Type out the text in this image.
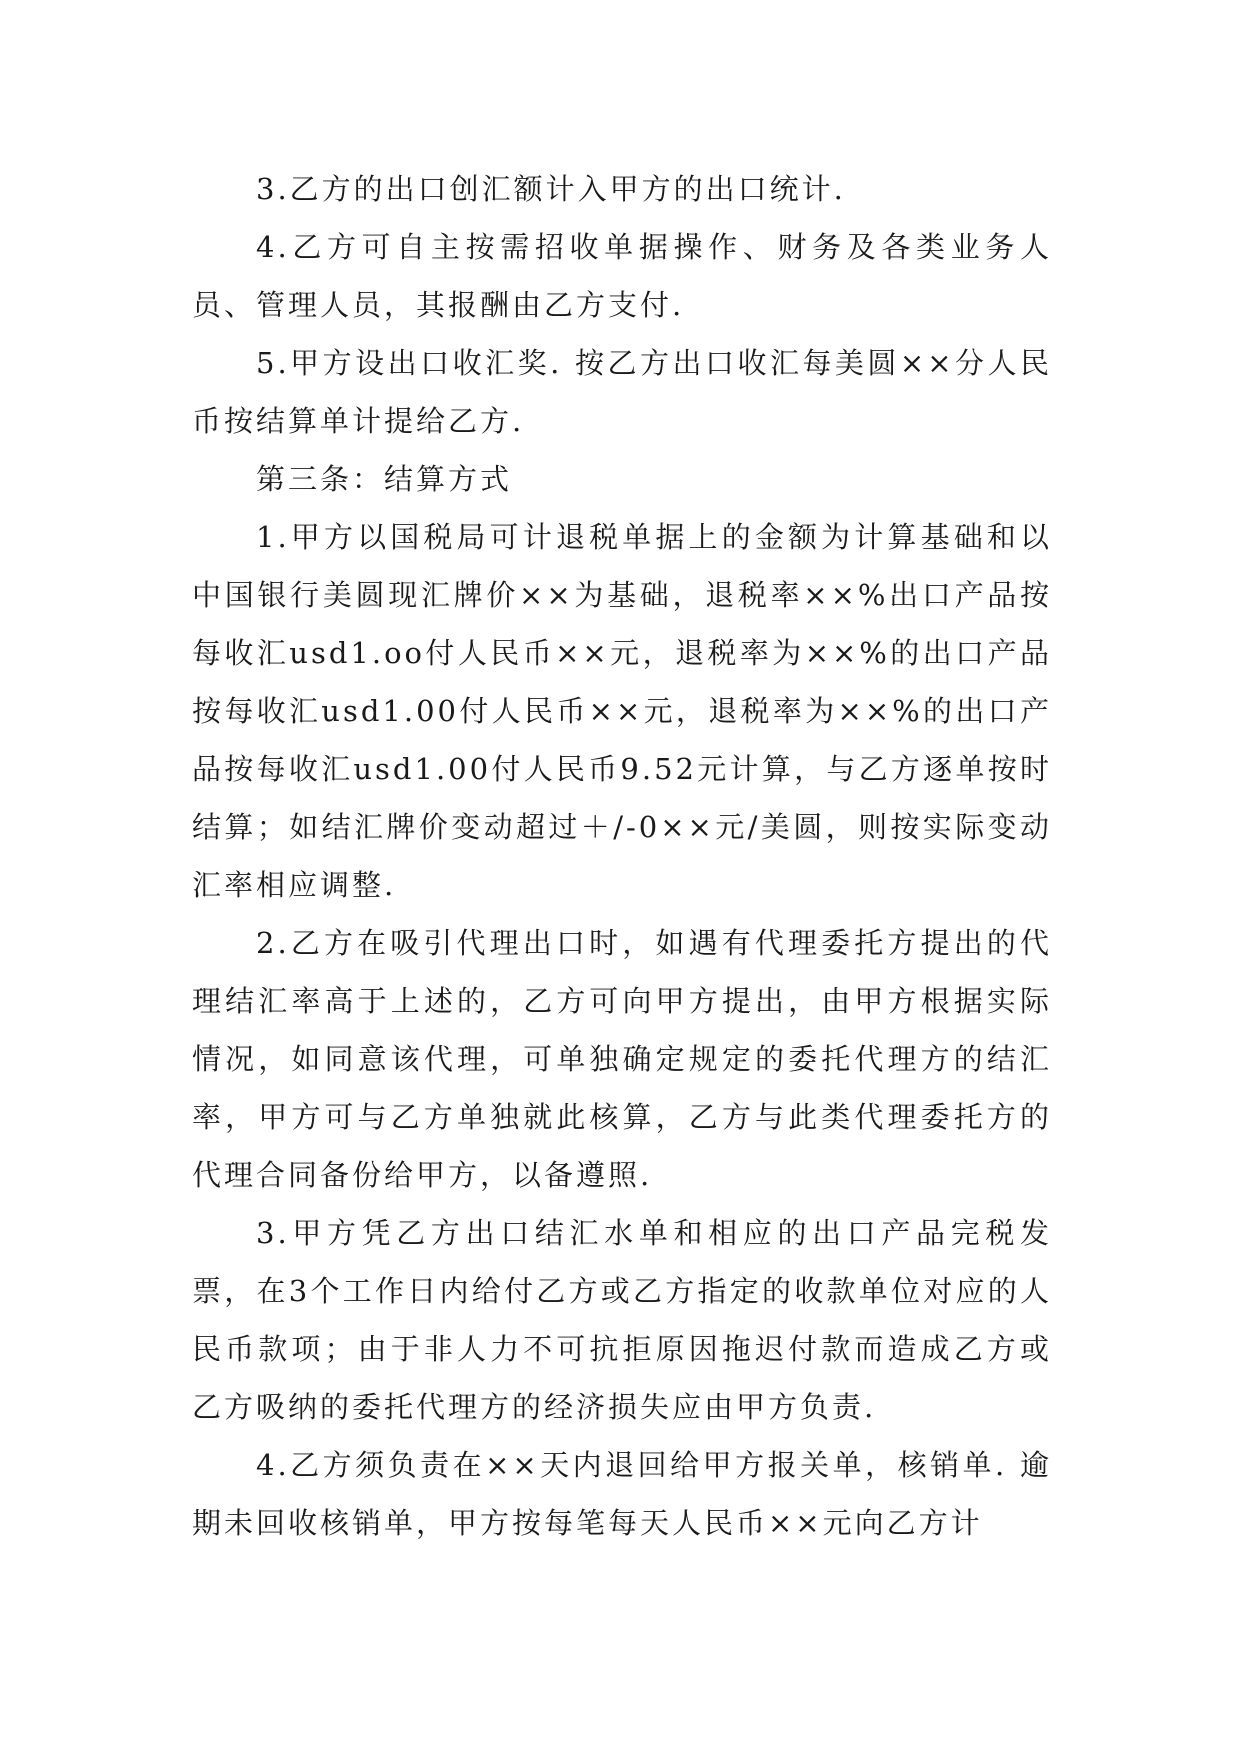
3.乙方的出口创汇额计入甲方的出口统计.

4.乙方可自主按需招收单据操作、财务及各类业务人员、管理人员，其报酬由乙方支付.

5.甲方设出口收汇奖. 按乙方出口收汇每美圆××分人民币按结算单计提给乙方.

第三条：结算方式

1.甲方以国税局可计退税单据上的金额为计算基础和以中国银行美圆现汇牌价××为基础，退税率××%出口产品按每收汇usd1.oo付人民币××元，退税率为××%的出口产品按每收汇usd1.00付人民币××元，退税率为××%的出口产品按每收汇usd1.00付人民币9.52元计算，与乙方逐单按时结算；如结汇牌价变动超过＋/-0××元/美圆，则按实际变动汇率相应调整.

2.乙方在吸引代理出口时，如遇有代理委托方提出的代理结汇率高于上述的，乙方可向甲方提出，由甲方根据实际情况，如同意该代理，可单独确定规定的委托代理方的结汇率，甲方可与乙方单独就此核算，乙方与此类代理委托方的代理合同备份给甲方，以备遵照.

3.甲方凭乙方出口结汇水单和相应的出口产品完税发票，在3个工作日内给付乙方或乙方指定的收款单位对应的人民币款项；由于非人力不可抗拒原因拖迟付款而造成乙方或乙方吸纳的委托代理方的经济损失应由甲方负责.

4.乙方须负责在××天内退回给甲方报关单，核销单. 逾期未回收核销单，甲方按每笔每天人民币××元向乙方计
